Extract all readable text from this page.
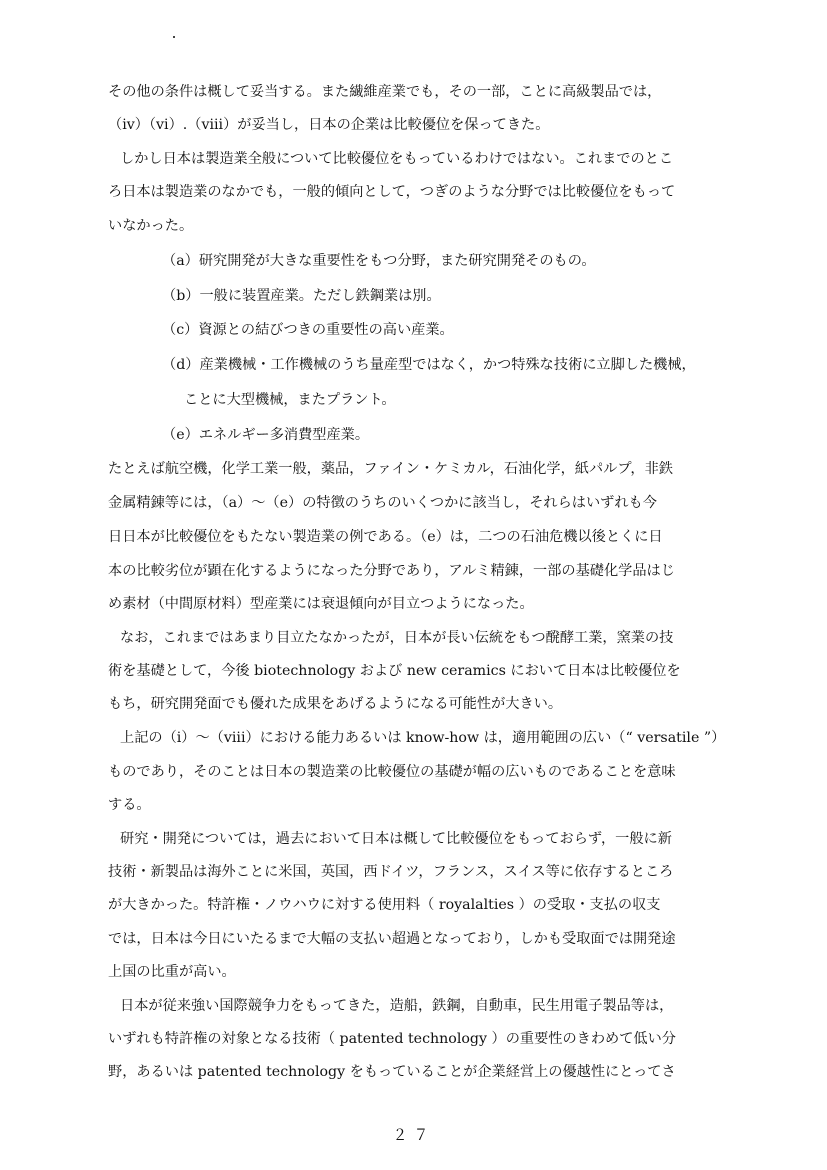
その他の条件は概して妥当する。また繊維産業でも，その一部，ことに高級製品では，
（iv）（vi）.（viii）が妥当し，日本の企業は比較優位を保ってきた。
しかし日本は製造業全般について比較優位をもっているわけではない。これまでのとこ
ろ日本は製造業のなかでも，一般的傾向として，つぎのような分野では比較優位をもって
いなかった。
（a）研究開発が大きな重要性をもつ分野，また研究開発そのもの。
（b）一般に装置産業。ただし鉄鋼業は別。
（c）資源との結びつきの重要性の高い産業。
（d）産業機械・工作機械のうち量産型ではなく，かつ特殊な技術に立脚した機械，
ことに大型機械，またプラント。
（e）エネルギー多消費型産業。
たとえば航空機，化学工業一般，薬品，ファイン・ケミカル，石油化学，紙パルプ，非鉄
金属精錬等には，（a）～（e）の特徴のうちのいくつかに該当し，それらはいずれも今
日日本が比較優位をもたない製造業の例である。（e）は，二つの石油危機以後とくに日
本の比較劣位が顕在化するようになった分野であり，アルミ精錬，一部の基礎化学品はじ
め素材（中間原材料）型産業には衰退傾向が目立つようになった。
なお，これまではあまり目立たなかったが，日本が長い伝統をもつ醗酵工業，窯業の技
術を基礎として，今後 biotechnology および new ceramics において日本は比較優位を
もち，研究開発面でも優れた成果をあげるようになる可能性が大きい。
上記の（i）～（viii）における能力あるいは know-how は，適用範囲の広い（“ versatile ”）
ものであり，そのことは日本の製造業の比較優位の基礎が幅の広いものであることを意味
する。
研究・開発については，過去において日本は概して比較優位をもっておらず，一般に新
技術・新製品は海外ことに米国，英国，西ドイツ，フランス，スイス等に依存するところ
が大きかった。特許権・ノウハウに対する使用料（ royalalties ）の受取・支払の収支
では，日本は今日にいたるまで大幅の支払い超過となっており，しかも受取面では開発途
上国の比重が高い。
日本が従来強い国際競争力をもってきた，造船，鉄鋼，自動車，民生用電子製品等は，
いずれも特許権の対象となる技術（ patented technology ）の重要性のきわめて低い分
野，あるいは patented technology をもっていることが企業経営上の優越性にとってさ
２７
